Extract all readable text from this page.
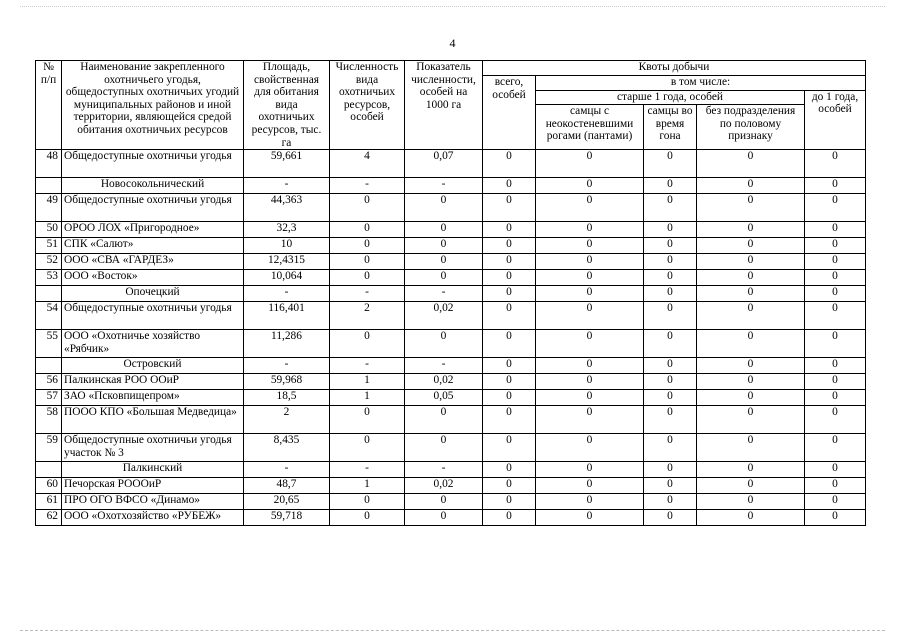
4
№ п/п	Наименование закрепленного охотничьего угодья, общедоступных охотничьих угодий муниципальных районов и иной территории, являющейся средой обитания охотничьих ресурсов	Площадь, свойственная для обитания вида охотничьих ресурсов, тыс. га	Численность вида охотничьих ресурсов, особей	Показатель численности, особей на 1000 га	Квоты добычи				
					всего, особей	в том числе:			
						старше 1 года, особей			до 1 года, особей
						самцы с неокостеневшими рогами (пантами)	самцы во время гона	без подразделения по половому признаку	
48	Общедоступные охотничьи угодья	59,661	4	0,07	0	0	0	0	0
	Новосокольнический	-	-	-	0	0	0	0	0
49	Общедоступные охотничьи угодья	44,363	0	0	0	0	0	0	0
50	ОРОО ЛОХ «Пригородное»	32,3	0	0	0	0	0	0	0
51	СПК «Салют»	10	0	0	0	0	0	0	0
52	ООО «СВА «ГАРДЕЗ»	12,4315	0	0	0	0	0	0	0
53	ООО «Восток»	10,064	0	0	0	0	0	0	0
	Опочецкий	-	-	-	0	0	0	0	0
54	Общедоступные охотничьи угодья	116,401	2	0,02	0	0	0	0	0
55	ООО «Охотничье хозяйство «Рябчик»	11,286	0	0	0	0	0	0	0
	Островский	-	-	-	0	0	0	0	0
56	Палкинская РОО ООиР	59,968	1	0,02	0	0	0	0	0
57	ЗАО «Псковпищепром»	18,5	1	0,05	0	0	0	0	0
58	ПООО КПО «Большая Медведица»	2	0	0	0	0	0	0	0
59	Общедоступные охотничьи угодья участок № 3	8,435	0	0	0	0	0	0	0
	Палкинский	-	-	-	0	0	0	0	0
60	Печорская РОООиР	48,7	1	0,02	0	0	0	0	0
61	ПРО ОГО ВФСО «Динамо»	20,65	0	0	0	0	0	0	0
62	ООО «Охотхозяйство «РУБЕЖ»	59,718	0	0	0	0	0	0	0
